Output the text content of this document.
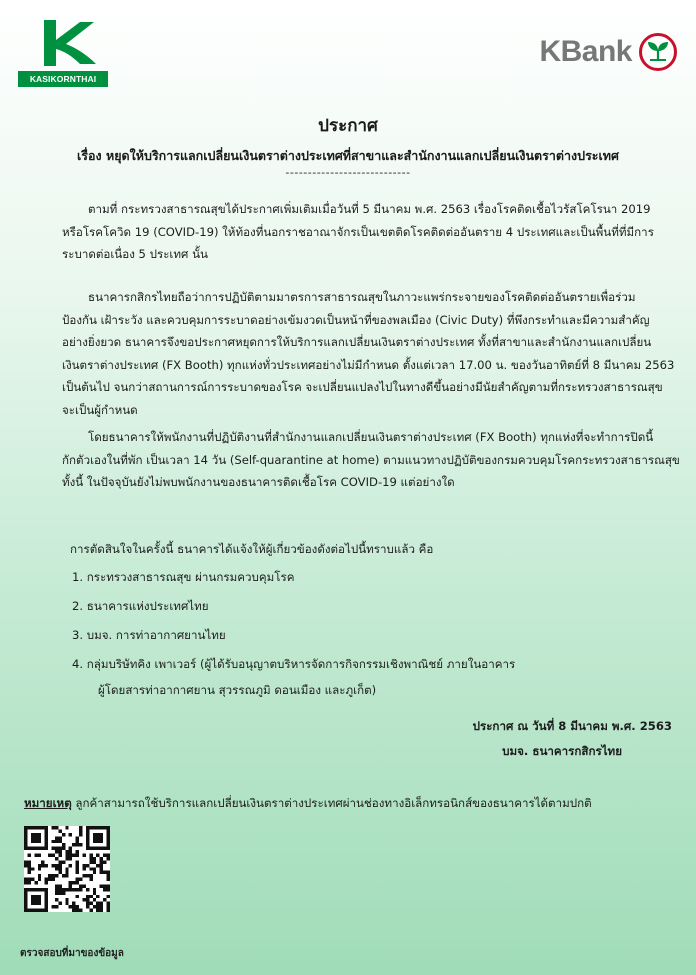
KASIKORNTHAI
KBank
ประกาศ
เรื่อง หยุดให้บริการแลกเปลี่ยนเงินตราต่างประเทศที่สาขาและสำนักงานแลกเปลี่ยนเงินตราต่างประเทศ
----------------------------
ตามที่ กระทรวงสาธารณสุขได้ประกาศเพิ่มเติมเมื่อวันที่ 5 มีนาคม พ.ศ. 2563 เรื่องโรคติดเชื้อไวรัสโคโรนา 2019
หรือโรคโควิด 19 (COVID-19) ให้ท้องที่นอกราชอาณาจักรเป็นเขตติดโรคติดต่ออันตราย 4 ประเทศและเป็นพื้นที่ที่มีการ
ระบาดต่อเนื่อง 5 ประเทศ นั้น
ธนาคารกสิกรไทยถือว่าการปฏิบัติตามมาตรการสาธารณสุขในภาวะแพร่กระจายของโรคติดต่ออันตรายเพื่อร่วม
ป้องกัน เฝ้าระวัง และควบคุมการระบาดอย่างเข้มงวดเป็นหน้าที่ของพลเมือง (Civic Duty) ที่พึงกระทำและมีความสำคัญ
อย่างยิ่งยวด ธนาคารจึงขอประกาศหยุดการให้บริการแลกเปลี่ยนเงินตราต่างประเทศ ทั้งที่สาขาและสำนักงานแลกเปลี่ยน
เงินตราต่างประเทศ (FX Booth) ทุกแห่งทั่วประเทศอย่างไม่มีกำหนด ตั้งแต่เวลา 17.00 น. ของวันอาทิตย์ที่ 8 มีนาคม 2563
เป็นต้นไป จนกว่าสถานการณ์การระบาดของโรค จะเปลี่ยนแปลงไปในทางดีขึ้นอย่างมีนัยสำคัญตามที่กระทรวงสาธารณสุข
จะเป็นผู้กำหนด
โดยธนาคารให้พนักงานที่ปฏิบัติงานที่สำนักงานแลกเปลี่ยนเงินตราต่างประเทศ (FX Booth) ทุกแห่งที่จะทำการปิดนี้
กักตัวเองในที่พัก เป็นเวลา 14 วัน (Self-quarantine at home) ตามแนวทางปฏิบัติของกรมควบคุมโรคกระทรวงสาธารณสุข
ทั้งนี้ ในปัจจุบันยังไม่พบพนักงานของธนาคารติดเชื้อโรค COVID-19 แต่อย่างใด
การตัดสินใจในครั้งนี้ ธนาคารได้แจ้งให้ผู้เกี่ยวข้องดังต่อไปนี้ทราบแล้ว คือ
1. กระทรวงสาธารณสุข ผ่านกรมควบคุมโรค
2. ธนาคารแห่งประเทศไทย
3. บมจ. การท่าอากาศยานไทย
4. กลุ่มบริษัทคิง เพาเวอร์ (ผู้ได้รับอนุญาตบริหารจัดการกิจกรรมเชิงพาณิชย์ ภายในอาคาร
ผู้โดยสารท่าอากาศยาน สุวรรณภูมิ ดอนเมือง และภูเก็ต)
ประกาศ ณ วันที่ 8 มีนาคม พ.ศ. 2563
บมจ. ธนาคารกสิกรไทย
หมายเหตุ ลูกค้าสามารถใช้บริการแลกเปลี่ยนเงินตราต่างประเทศผ่านช่องทางอิเล็กทรอนิกส์ของธนาคารได้ตามปกติ
ตรวจสอบที่มาของข้อมูล
